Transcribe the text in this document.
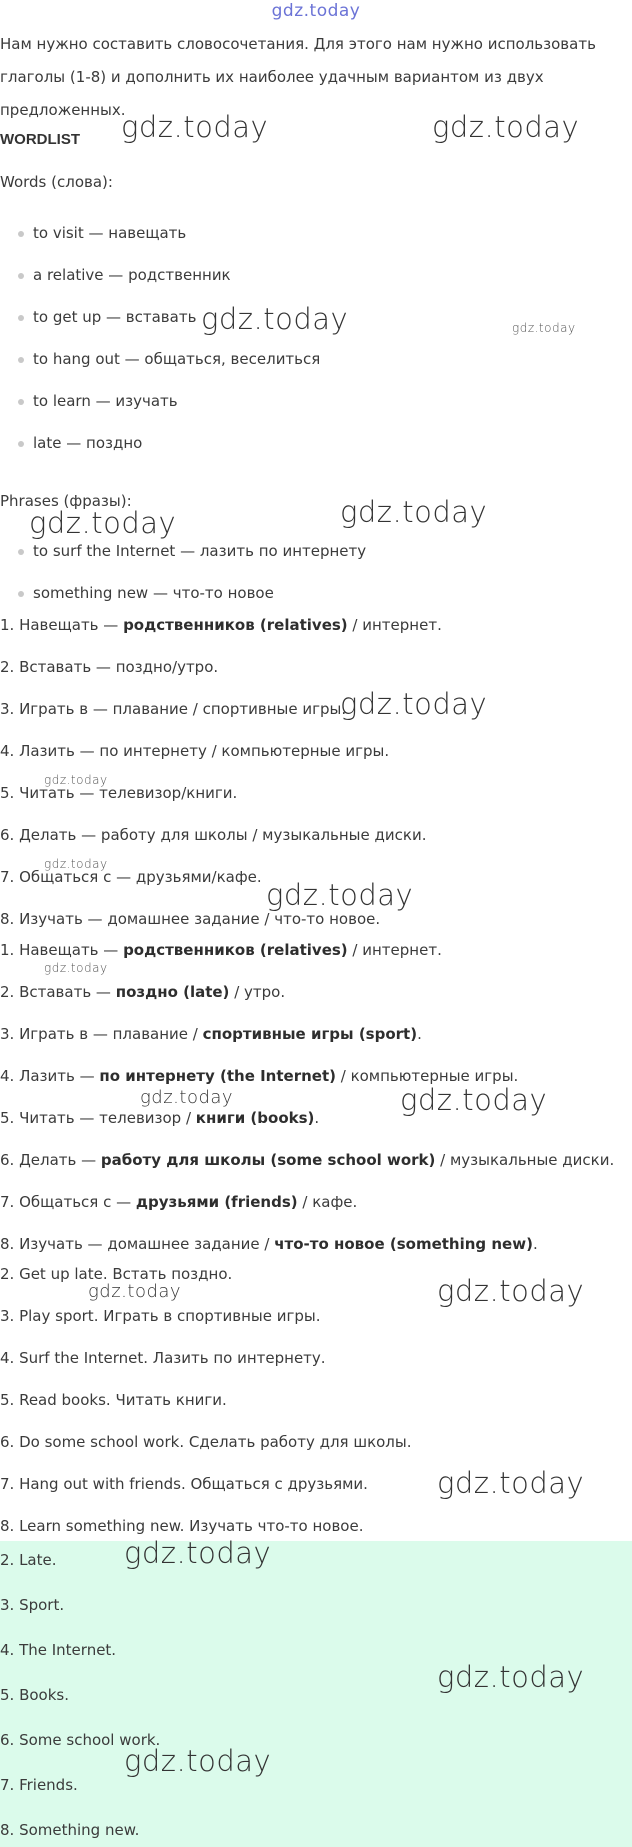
gdz.today
Нам нужно составить словосочетания. Для этого нам нужно использовать глаголы (1-8) и дополнить их наиболее удачным вариантом из двух предложенных.
WORDLIST
Words (слова):
to visit — навещать
a relative — родственник
to get up — вставать
to hang out — общаться, веселиться
to learn — изучать
late — поздно
Phrases (фразы):
to surf the Internet — лазить по интернету
something new — что-то новое
1. Навещать — родственников (relatives) / интернет.
2. Вставать — поздно/утро.
3. Играть в — плавание / спортивные игры.
4. Лазить — по интернету / компьютерные игры.
5. Читать — телевизор/книги.
6. Делать — работу для школы / музыкальные диски.
7. Общаться с — друзьями/кафе.
8. Изучать — домашнее задание / что-то новое.
1. Навещать — родственников (relatives) / интернет.
2. Вставать — поздно (late) / утро.
3. Играть в — плавание / спортивные игры (sport).
4. Лазить — по интернету (the Internet) / компьютерные игры.
5. Читать — телевизор / книги (books).
6. Делать — работу для школы (some school work) / музыкальные диски.
7. Общаться с — друзьями (friends) / кафе.
8. Изучать — домашнее задание / что-то новое (something new).
2. Get up late. Встать поздно.
3. Play sport. Играть в спортивные игры.
4. Surf the Internet. Лазить по интернету.
5. Read books. Читать книги.
6. Do some school work. Сделать работу для школы.
7. Hang out with friends. Общаться с друзьями.
8. Learn something new. Изучать что-то новое.
2. Late.
3. Sport.
4. The Internet.
5. Books.
6. Some school work.
7. Friends.
8. Something new.
gdz.today	gdz.today
gdz.today	gdz.today
gdz.today	gdz.today
gdz.today
gdz.today
gdz.today
gdz.today
gdz.today
gdz.today
gdz.today
gdz.today	gdz.today
gdz.today
gdz.today
gdz.today
gdz.today
